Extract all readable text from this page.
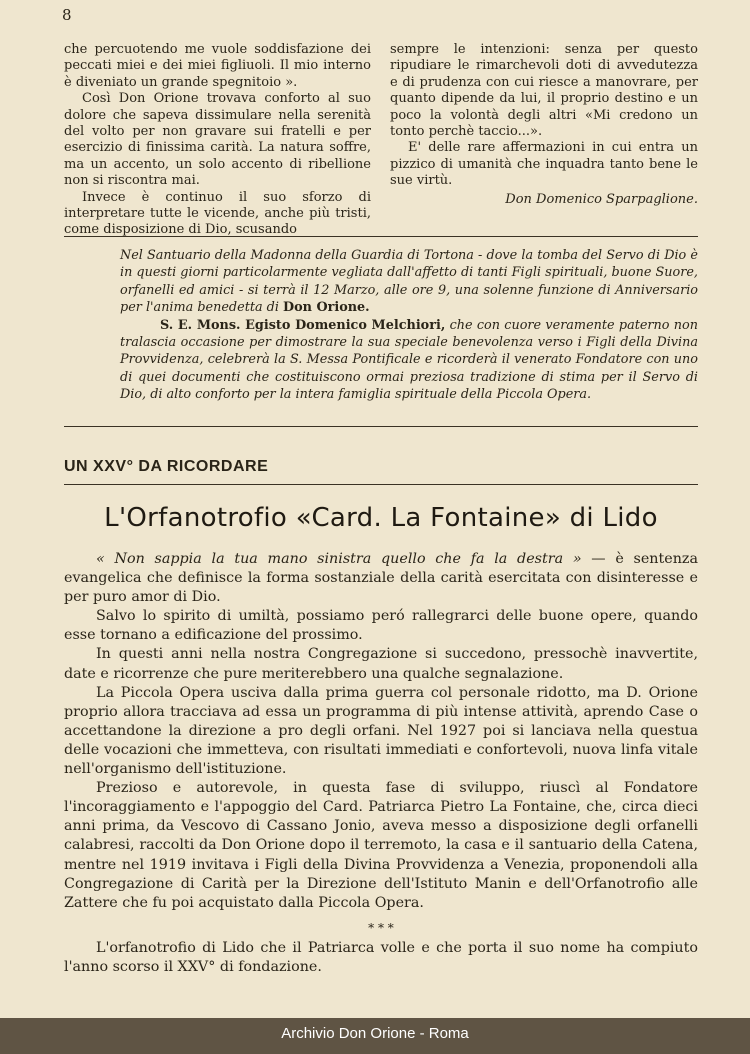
8

che percuotendo me vuole soddisfazione dei peccati miei e dei miei figliuoli. Il mio interno è diveniato un grande spegnitoio ».

Così Don Orione trovava conforto al suo dolore che sapeva dissimulare nella serenità del volto per non gravare sui fratelli e per esercizio di finissima carità. La natura soffre, ma un accento, un solo accento di ribellione non si riscontra mai.

Invece è continuo il suo sforzo di interpretare tutte le vicende, anche più tristi, come disposizione di Dio, scusando

sempre le intenzioni: senza per questo ripudiare le rimarchevoli doti di avvedutezza e di prudenza con cui riesce a manovrare, per quanto dipende da lui, il proprio destino e un poco la volontà degli altri «Mi credono un tonto perchè taccio...».

E' delle rare affermazioni in cui entra un pizzico di umanità che inquadra tanto bene le sue virtù.

Don Domenico Sparpaglione.

Nel Santuario della Madonna della Guardia di Tortona - dove la tomba del Servo di Dio è in questi giorni particolarmente vegliata dall'affetto di tanti Figli spirituali, buone Suore, orfanelli ed amici - si terrà il 12 Marzo, alle ore 9, una solenne funzione di Anniversario per l'anima benedetta di Don Orione.

S. E. Mons. Egisto Domenico Melchiori, che con cuore veramente paterno non tralascia occasione per dimostrare la sua speciale benevolenza verso i Figli della Divina Provvidenza, celebrerà la S. Messa Pontificale e ricorderà il venerato Fondatore con uno di quei documenti che costituiscono ormai preziosa tradizione di stima per il Servo di Dio, di alto conforto per la intera famiglia spirituale della Piccola Opera.

UN XXV° DA RICORDARE
L'Orfanotrofio «Card. La Fontaine» di Lido

« Non sappia la tua mano sinistra quello che fa la destra » — è sentenza evangelica che definisce la forma sostanziale della carità esercitata con disinteresse e per puro amor di Dio.

Salvo lo spirito di umiltà, possiamo peró rallegrarci delle buone opere, quando esse tornano a edificazione del prossimo.

In questi anni nella nostra Congregazione si succedono, pressochè inavvertite, date e ricorrenze che pure meriterebbero una qualche segnalazione.

La Piccola Opera usciva dalla prima guerra col personale ridotto, ma D. Orione proprio allora tracciava ad essa un programma di più intense attività, aprendo Case o accettandone la direzione a pro degli orfani. Nel 1927 poi si lanciava nella questua delle vocazioni che immetteva, con risultati immediati e confortevoli, nuova linfa vitale nell'organismo dell'istituzione.

Prezioso e autorevole, in questa fase di sviluppo, riuscì al Fondatore l'incoraggiamento e l'appoggio del Card. Patriarca Pietro La Fontaine, che, circa dieci anni prima, da Vescovo di Cassano Jonio, aveva messo a disposizione degli orfanelli calabresi, raccolti da Don Orione dopo il terremoto, la casa e il santuario della Catena, mentre nel 1919 invitava i Figli della Divina Provvidenza a Venezia, proponendoli alla Congregazione di Carità per la Direzione dell'Istituto Manin e dell'Orfanotrofio alle Zattere che fu poi acquistato dalla Piccola Opera.

* * *

L'orfanotrofio di Lido che il Patriarca volle e che porta il suo nome ha compiuto l'anno scorso il XXV° di fondazione.

Archivio Don Orione - Roma
